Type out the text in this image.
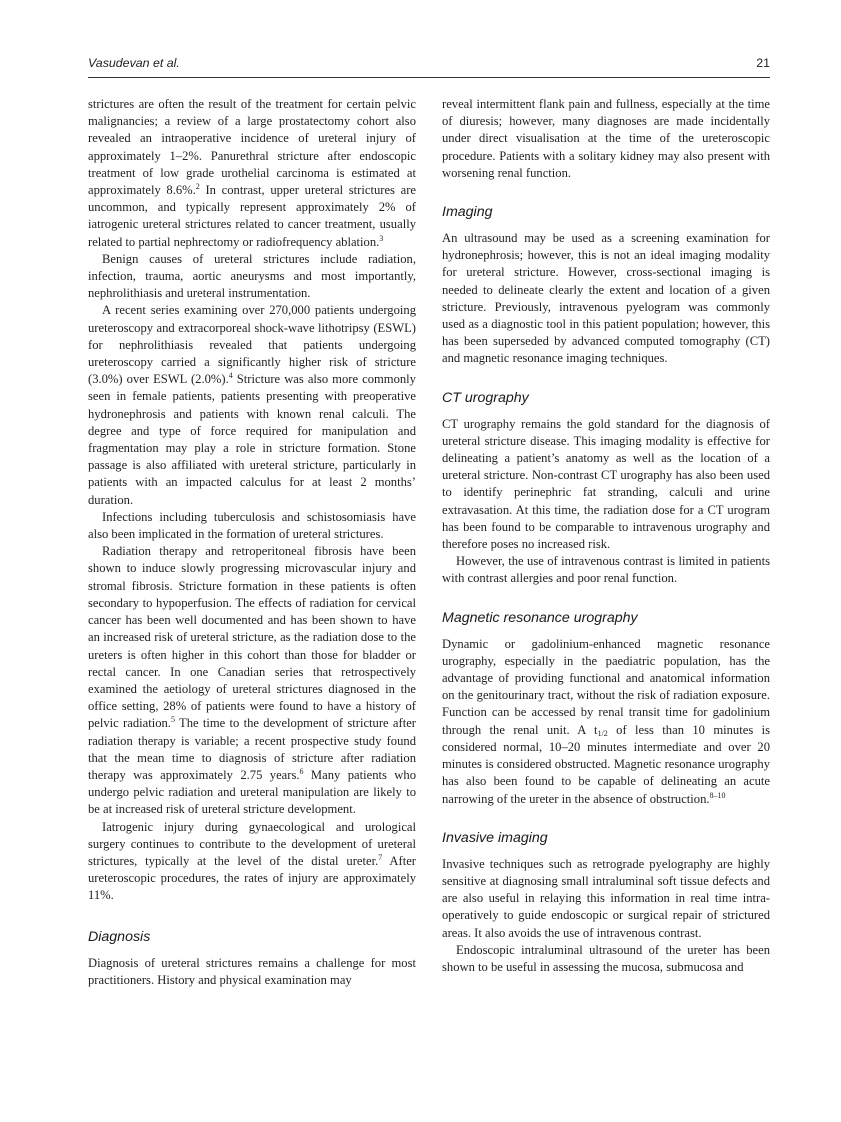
Vasudevan et al.	21

strictures are often the result of the treatment for certain pelvic malignancies; a review of a large prostatectomy cohort also revealed an intraoperative incidence of ureteral injury of approximately 1–2%. Panurethral stricture after endoscopic treatment of low grade urothelial carcinoma is estimated at approximately 8.6%.$^2$ In contrast, upper ureteral strictures are uncommon, and typically represent approximately 2% of iatrogenic ureteral strictures related to cancer treatment, usually related to partial nephrectomy or radiofrequency ablation.$^3$

Benign causes of ureteral strictures include radiation, infection, trauma, aortic aneurysms and most importantly, nephrolithiasis and ureteral instrumentation.

A recent series examining over 270,000 patients undergoing ureteroscopy and extracorporeal shock-wave lithotripsy (ESWL) for nephrolithiasis revealed that patients undergoing ureteroscopy carried a significantly higher risk of stricture (3.0%) over ESWL (2.0%).$^4$ Stricture was also more commonly seen in female patients, patients presenting with preoperative hydronephrosis and patients with known renal calculi. The degree and type of force required for manipulation and fragmentation may play a role in stricture formation. Stone passage is also affiliated with ureteral stricture, particularly in patients with an impacted calculus for at least 2 months’ duration.

Infections including tuberculosis and schistosomiasis have also been implicated in the formation of ureteral strictures.

Radiation therapy and retroperitoneal fibrosis have been shown to induce slowly progressing microvascular injury and stromal fibrosis. Stricture formation in these patients is often secondary to hypoperfusion. The effects of radiation for cervical cancer has been well documented and has been shown to have an increased risk of ureteral stricture, as the radiation dose to the ureters is often higher in this cohort than those for bladder or rectal cancer. In one Canadian series that retrospectively examined the aetiology of ureteral strictures diagnosed in the office setting, 28% of patients were found to have a history of pelvic radiation.$^5$ The time to the development of stricture after radiation therapy is variable; a recent prospective study found that the mean time to diagnosis of stricture after radiation therapy was approximately 2.75 years.$^6$ Many patients who undergo pelvic radiation and ureteral manipulation are likely to be at increased risk of ureteral stricture development.

Iatrogenic injury during gynaecological and urological surgery continues to contribute to the development of ureteral strictures, typically at the level of the distal ureter.$^7$ After ureteroscopic procedures, the rates of injury are approximately 11%.

Diagnosis

Diagnosis of ureteral strictures remains a challenge for most practitioners. History and physical examination may

reveal intermittent flank pain and fullness, especially at the time of diuresis; however, many diagnoses are made incidentally under direct visualisation at the time of the ureteroscopic procedure. Patients with a solitary kidney may also present with worsening renal function.

Imaging

An ultrasound may be used as a screening examination for hydronephrosis; however, this is not an ideal imaging modality for ureteral stricture. However, cross-sectional imaging is needed to delineate clearly the extent and location of a given stricture. Previously, intravenous pyelogram was commonly used as a diagnostic tool in this patient population; however, this has been superseded by advanced computed tomography (CT) and magnetic resonance imaging techniques.

CT urography

CT urography remains the gold standard for the diagnosis of ureteral stricture disease. This imaging modality is effective for delineating a patient’s anatomy as well as the location of a ureteral stricture. Non-contrast CT urography has also been used to identify perinephric fat stranding, calculi and urine extravasation. At this time, the radiation dose for a CT urogram has been found to be comparable to intravenous urography and therefore poses no increased risk.

However, the use of intravenous contrast is limited in patients with contrast allergies and poor renal function.

Magnetic resonance urography

Dynamic or gadolinium-enhanced magnetic resonance urography, especially in the paediatric population, has the advantage of providing functional and anatomical information on the genitourinary tract, without the risk of radiation exposure. Function can be accessed by renal transit time for gadolinium through the renal unit. A $t_{1/2}$ of less than 10 minutes is considered normal, 10–20 minutes intermediate and over 20 minutes is considered obstructed. Magnetic resonance urography has also been found to be capable of delineating an acute narrowing of the ureter in the absence of obstruction.$^{8-10}$

Invasive imaging

Invasive techniques such as retrograde pyelography are highly sensitive at diagnosing small intraluminal soft tissue defects and are also useful in relaying this information in real time intra-operatively to guide endoscopic or surgical repair of strictured areas. It also avoids the use of intravenous contrast.

Endoscopic intraluminal ultrasound of the ureter has been shown to be useful in assessing the mucosa, submucosa and
